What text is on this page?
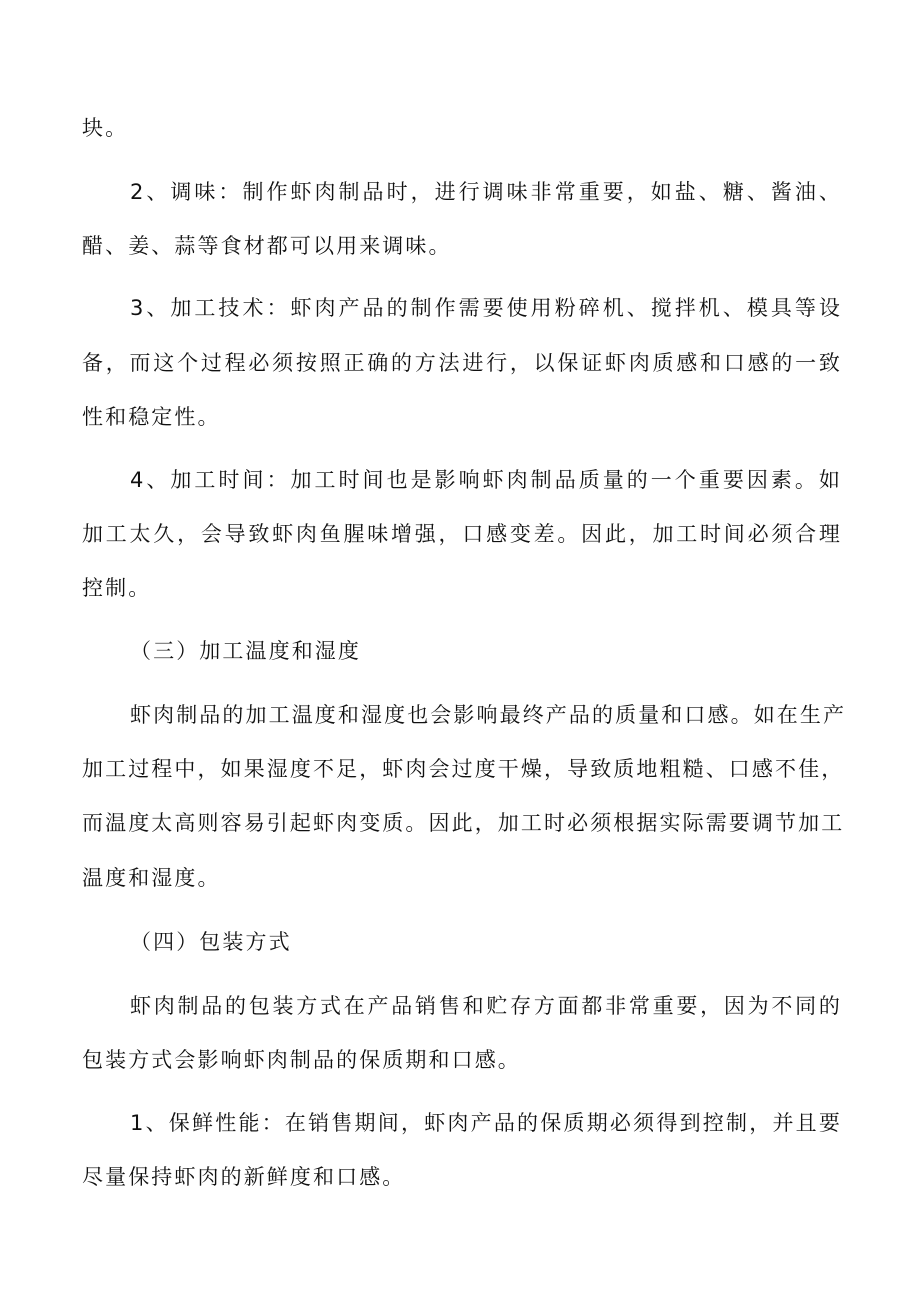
块。
2、调味：制作虾肉制品时，进行调味非常重要，如盐、糖、酱油、
醋、姜、蒜等食材都可以用来调味。
3、加工技术：虾肉产品的制作需要使用粉碎机、搅拌机、模具等设
备，而这个过程必须按照正确的方法进行，以保证虾肉质感和口感的一致
性和稳定性。
4、加工时间：加工时间也是影响虾肉制品质量的一个重要因素。如
加工太久，会导致虾肉鱼腥味增强，口感变差。因此，加工时间必须合理
控制。
（三）加工温度和湿度
虾肉制品的加工温度和湿度也会影响最终产品的质量和口感。如在生产
加工过程中，如果湿度不足，虾肉会过度干燥，导致质地粗糙、口感不佳，
而温度太高则容易引起虾肉变质。因此，加工时必须根据实际需要调节加工
温度和湿度。
（四）包装方式
虾肉制品的包装方式在产品销售和贮存方面都非常重要，因为不同的
包装方式会影响虾肉制品的保质期和口感。
1、保鲜性能：在销售期间，虾肉产品的保质期必须得到控制，并且要
尽量保持虾肉的新鲜度和口感。
